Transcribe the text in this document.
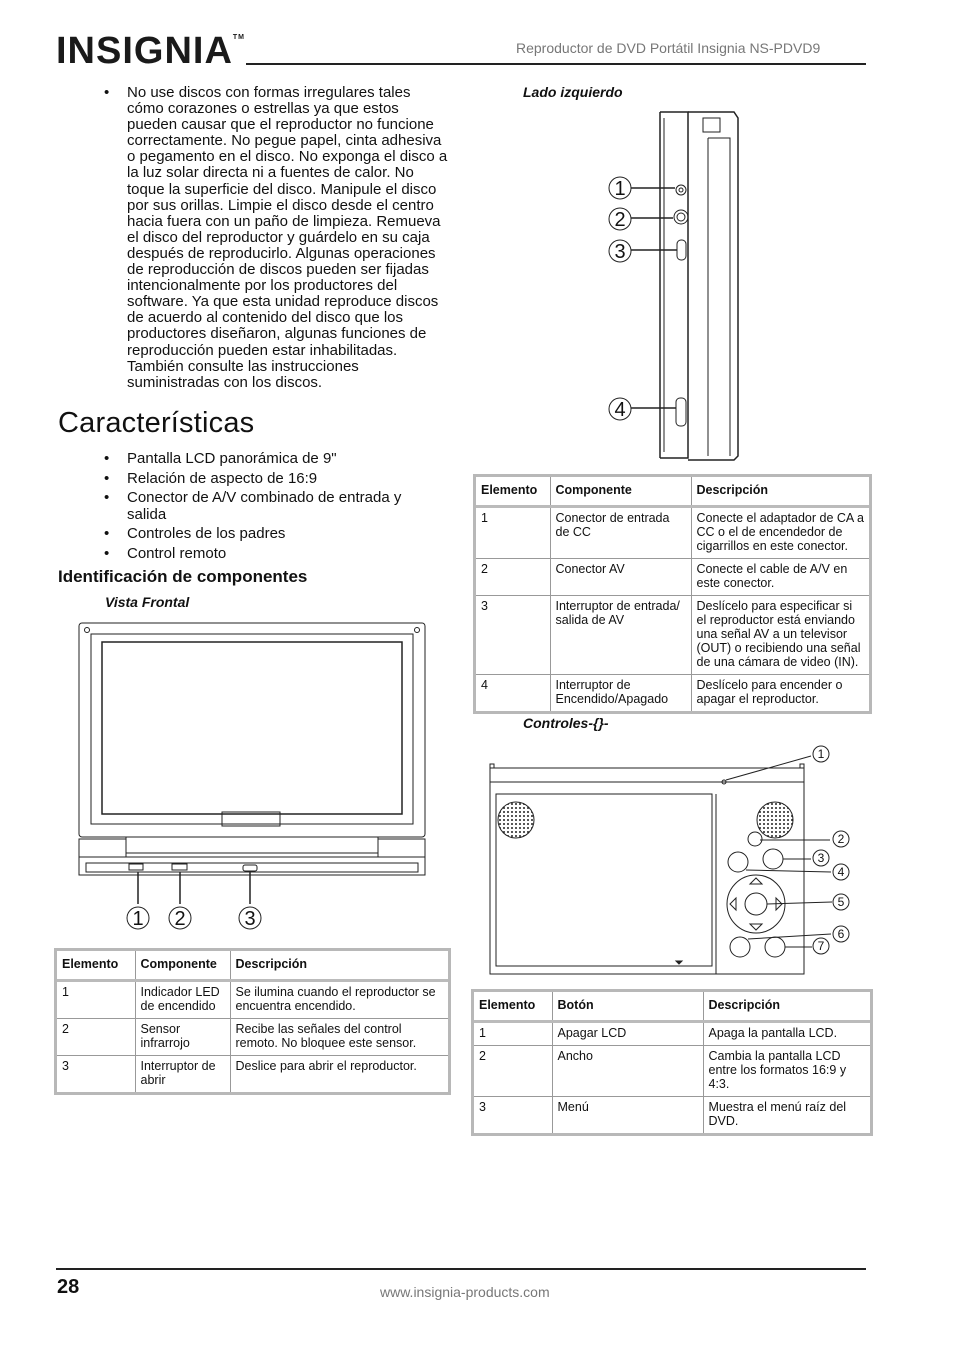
INSIGNIA™
Reproductor de DVD Portátil Insignia NS-PDVD9
• No use discos con formas irregulares tales cómo corazones o estrellas ya que estos pueden causar que el reproductor no funcione correctamente. No pegue papel, cinta adhesiva o pegamento en el disco. No exponga el disco a la luz solar directa ni a fuentes de calor. No toque la superficie del disco. Manipule el disco por sus orillas. Limpie el disco desde el centro hacia fuera con un paño de limpieza. Remueva el disco del reproductor y guárdelo en su caja después de reproducirlo. Algunas operaciones de reproducción de discos pueden ser fijadas intencionalmente por los productores del software. Ya que esta unidad reproduce discos de acuerdo al contenido del disco que los productores diseñaron, algunas funciones de reproducción pueden estar inhabilitadas. También consulte las instrucciones suministradas con los discos.
Características
• Pantalla LCD panorámica de 9"
• Relación de aspecto de 16:9
• Conector de A/V combinado de entrada y salida
• Controles de los padres
• Control remoto
Identificación de componentes
Vista Frontal
1 2	3
Elemento	Componente	Descripción
1	Indicador LED de encendido	Se ilumina cuando el reproductor se encuentra encendido.
2	Sensor infrarrojo	Recibe las señales del control remoto. No bloquee este sensor.
3	Interruptor de abrir	Deslice para abrir el reproductor.
Lado izquierdo
1
2
3
4
Elemento	Componente	Descripción
1	Conector de entrada de CC	Conecte el adaptador de CA a CC o el de encendedor de cigarrillos en este conector.
2	Conector AV	Conecte el cable de A/V en este conector.
3	Interruptor de entrada/ salida de AV	Deslícelo para especificar si el reproductor está enviando una señal AV a un televisor (OUT) o recibiendo una señal de una cámara de video (IN).
4	Interruptor de Encendido/Apagado	Deslícelo para encender o apagar el reproductor.
Controles-{}-
1
2
3
4
5
6
7
Elemento	Botón	Descripción
1	Apagar LCD	Apaga la pantalla LCD.
2	Ancho	Cambia la pantalla LCD entre los formatos 16:9 y 4:3.
3	Menú	Muestra el menú raíz del DVD.
28	www.insignia-products.com
